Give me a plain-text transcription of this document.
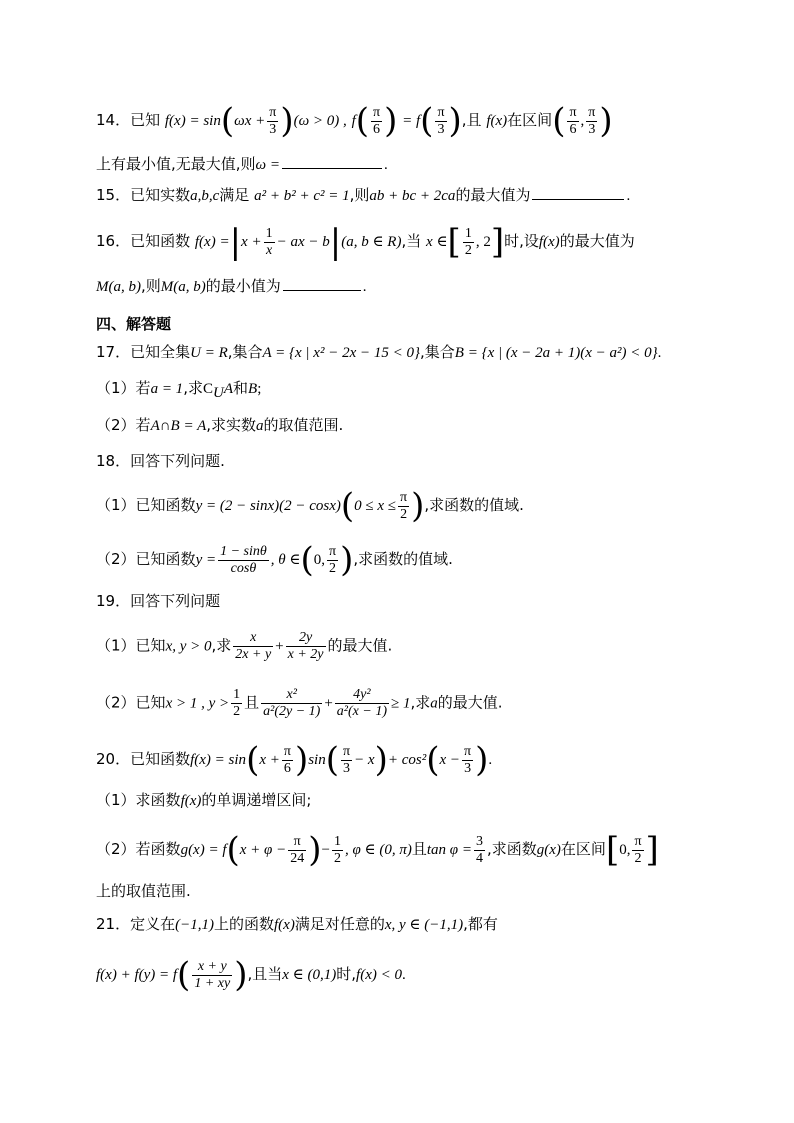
14．已知 $f(x) = \sin(\omega x + \frac{\pi}{3} )(\omega > 0)$ , $f( \frac{\pi}{6}$ ) = $f( \frac{\pi}{3}$ ),且 f(x)在区间( $\frac{\pi}{6}$ , $\frac{\pi}{3}$ )
上有最小值,无最大值,则ω =	.
15．已知实数a,b,c满足 a² + b² + c² = 1,则ab + bc + 2ca的最大值为	.
16．已知函数 $f(x) =|x + \frac{1}{x}$ − ax − b|(a, b ∈ R),当 x ∈[ $\frac{1}{2}$ , 2]时,设f(x)的最大值为
M(a, b),则M(a, b)的最小值为	.
四、解答题
17．已知全集U = R,集合A = {x | x² − 2x − 15 < 0},集合B = {x | (x − 2a + 1)(x − a²) < 0}.
（1）若a = 1,求$C_UA$和B;
（2）若A∩B = A,求实数a的取值范围.
18．回答下列问题.
（1）已知函数$y = (2 - \sin x)(2 - \cos x)(0 \le x \le \frac{\pi}{2}$ ),求函数的值域.
（2）已知函数$y = \frac{1 - \sin\theta}{\cos\theta}$ , θ ∈(0, $\frac{\pi}{2}$ ),求函数的值域.
19．回答下列问题
（1）已知x, y > 0,求 $\frac{x}{2x + y} + \frac{2y}{x + 2y}$ 的最大值.
（2）已知x > 1 , $y > \frac{1}{2}$ 且 $\frac{\text{x²}}{\text{a²(2y − 1)}} + \frac{\text{4y²}}{\text{a²(x − 1)}} \ge 1$,求a的最大值.
20．已知函数$f(x) = \sin(x + \frac{\pi}{6} )\sin( \frac{\pi}{3} - x)+ \cos^2(x - \frac{\pi}{3}$ ).
（1）求函数f(x)的单调递增区间;
（2）若函数$g(x) = f(x + \varphi - \frac{\pi}{24}$ )− $\frac{1}{2}$ , φ ∈ (0, π)且$\tan \varphi = \frac{3}{4}$ ,求函数g(x)在区间[0, $\frac{\pi}{2}$ ]
上的取值范围.
21．定义在(−1,1)上的函数f(x)满足对任意的x, y ∈ (−1,1),都有
$f(x) + f(y) = f( \frac{x + y}{1 + xy}$ ),且当x ∈ (0,1)时,f(x) < 0.
